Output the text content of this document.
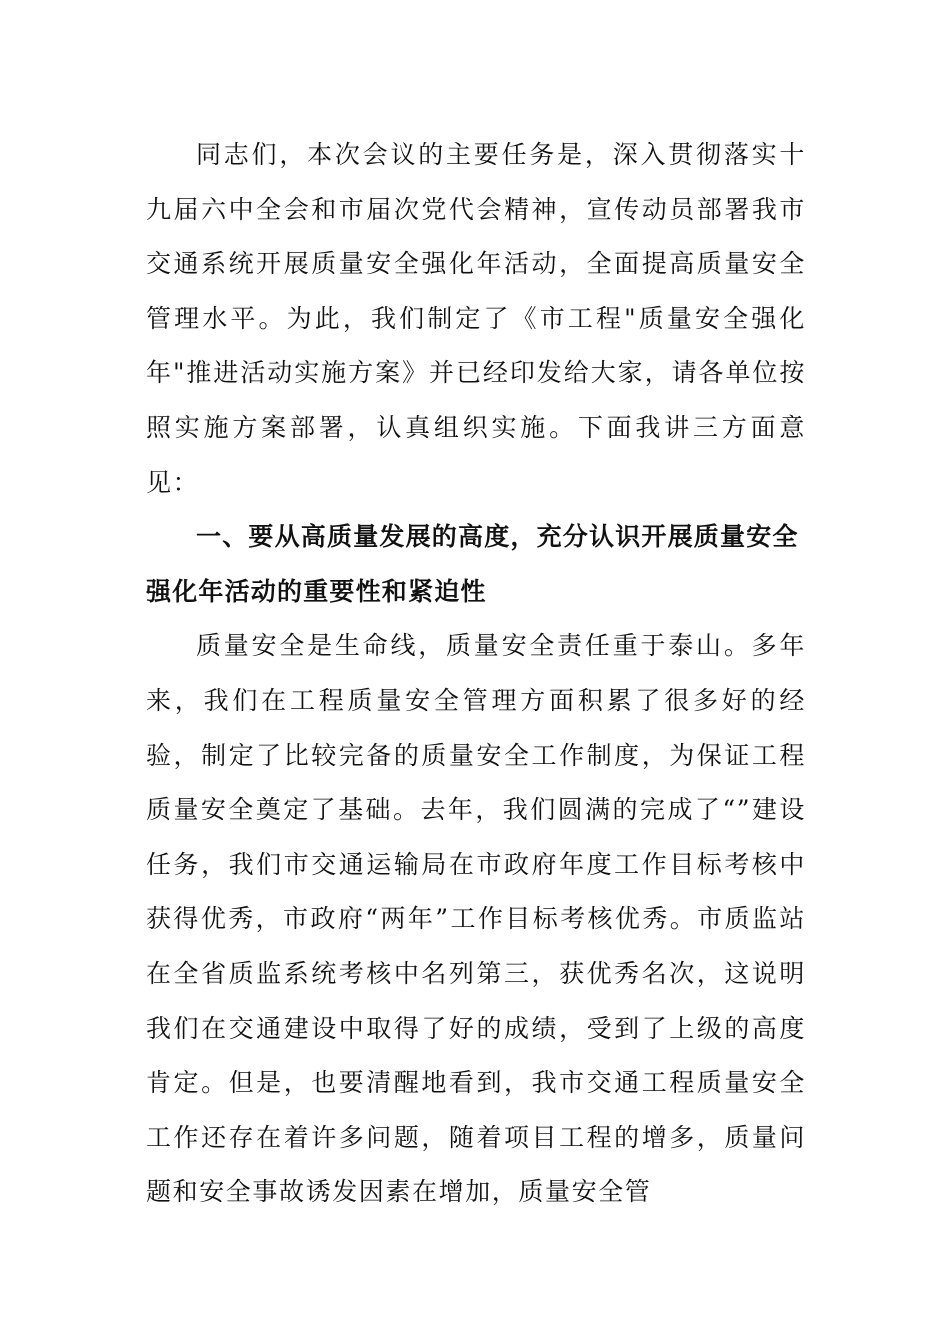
同志们，本次会议的主要任务是，深入贯彻落实十九届六中全会和市届次党代会精神，宣传动员部署我市交通系统开展质量安全强化年活动，全面提高质量安全管理水平。为此，我们制定了《市工程"质量安全强化年"推进活动实施方案》并已经印发给大家，请各单位按照实施方案部署，认真组织实施。下面我讲三方面意见：

一、要从高质量发展的高度，充分认识开展质量安全强化年活动的重要性和紧迫性

质量安全是生命线，质量安全责任重于泰山。多年来，我们在工程质量安全管理方面积累了很多好的经验，制定了比较完备的质量安全工作制度，为保证工程质量安全奠定了基础。去年，我们圆满的完成了“”建设任务，我们市交通运输局在市政府年度工作目标考核中获得优秀，市政府“两年”工作目标考核优秀。市质监站在全省质监系统考核中名列第三，获优秀名次，这说明我们在交通建设中取得了好的成绩，受到了上级的高度肯定。但是，也要清醒地看到，我市交通工程质量安全工作还存在着许多问题，随着项目工程的增多，质量问题和安全事故诱发因素在增加，质量安全管
